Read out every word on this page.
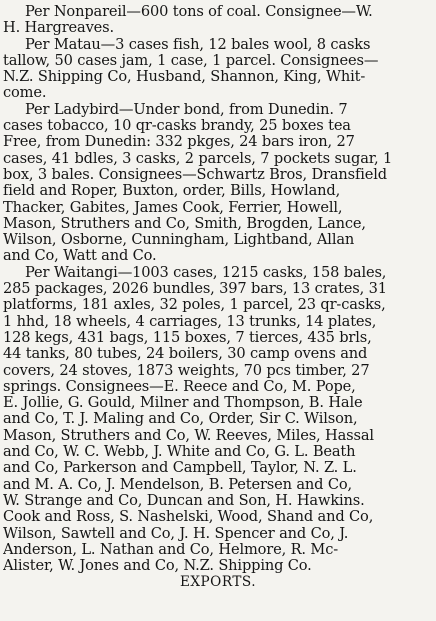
Per Nonpareil—600 tons of coal. Consignee—W.
H. Hargreaves.
Per Matau—3 cases fish, 12 bales wool, 8 casks
tallow, 50 cases jam, 1 case, 1 parcel. Consignees—
N.Z. Shipping Co, Husband, Shannon, King, Whit-
come.
Per Ladybird—Under bond, from Dunedin. 7
cases tobacco, 10 qr-casks brandy, 25 boxes tea
Free, from Dunedin: 332 pkges, 24 bars iron, 27
cases, 41 bdles, 3 casks, 2 parcels, 7 pockets sugar, 1
box, 3 bales. Consignees—Schwartz Bros, Dransfield
field and Roper, Buxton, order, Bills, Howland,
Thacker, Gabites, James Cook, Ferrier, Howell,
Mason, Struthers and Co, Smith, Brogden, Lance,
Wilson, Osborne, Cunningham, Lightband, Allan
and Co, Watt and Co.
Per Waitangi—1003 cases, 1215 casks, 158 bales,
285 packages, 2026 bundles, 397 bars, 13 crates, 31
platforms, 181 axles, 32 poles, 1 parcel, 23 qr-casks,
1 hhd, 18 wheels, 4 carriages, 13 trunks, 14 plates,
128 kegs, 431 bags, 115 boxes, 7 tierces, 435 brls,
44 tanks, 80 tubes, 24 boilers, 30 camp ovens and
covers, 24 stoves, 1873 weights, 70 pcs timber, 27
springs. Consignees—E. Reece and Co, M. Pope,
E. Jollie, G. Gould, Milner and Thompson, B. Hale
and Co, T. J. Maling and Co, Order, Sir C. Wilson,
Mason, Struthers and Co, W. Reeves, Miles, Hassal
and Co, W. C. Webb, J. White and Co, G. L. Beath
and Co, Parkerson and Campbell, Taylor, N. Z. L.
and M. A. Co, J. Mendelson, B. Petersen and Co,
W. Strange and Co, Duncan and Son, H. Hawkins.
Cook and Ross, S. Nashelski, Wood, Shand and Co,
Wilson, Sawtell and Co, J. H. Spencer and Co, J.
Anderson, L. Nathan and Co, Helmore, R. Mc-
Alister, W. Jones and Co, N.Z. Shipping Co.
EXPORTS.
